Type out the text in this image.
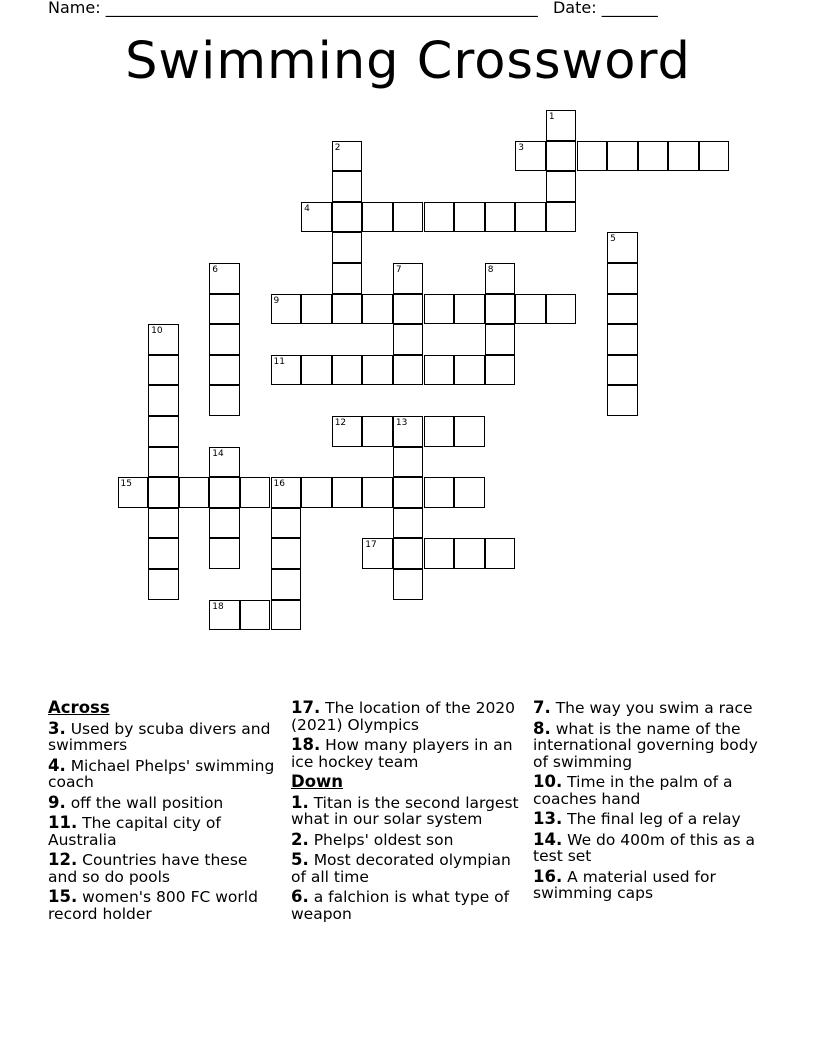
Name: ______________________________________________________ Date: _______
Swimming Crossword
1
2	3
4
5
6	7	8
9
10
11
12	13
14
15	16
17
18
Across
3. Used by scuba divers and swimmers
4. Michael Phelps' swimming coach
9. off the wall position
11. The capital city of Australia
12. Countries have these and so do pools
15. women's 800 FC world record holder
17. The location of the 2020 (2021) Olympics
18. How many players in an ice hockey team
Down
1. Titan is the second largest what in our solar system
2. Phelps' oldest son
5. Most decorated olympian of all time
6. a falchion is what type of weapon
7. The way you swim a race
8. what is the name of the international governing body of swimming
10. Time in the palm of a coaches hand
13. The final leg of a relay
14. We do 400m of this as a test set
16. A material used for swimming caps
